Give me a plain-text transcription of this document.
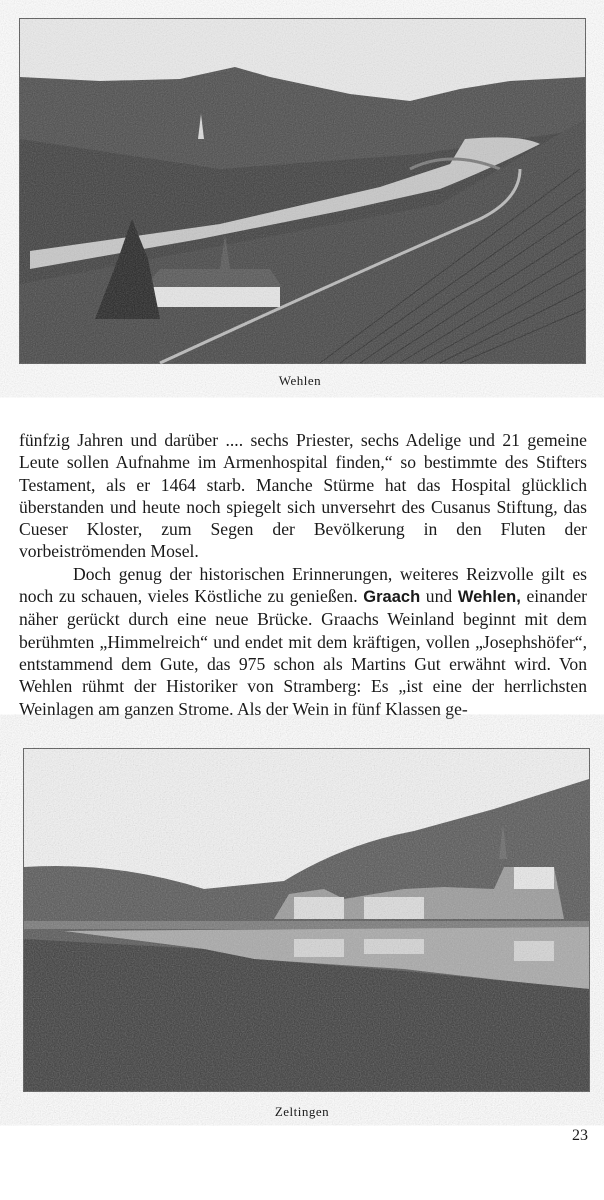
Wehlen

fünfzig Jahren und darüber .... sechs Priester, sechs Adelige und 21 gemeine Leute sollen Aufnahme im Armenhospital finden,“ so bestimmte des Stifters Testament, als er 1464 starb. Manche Stürme hat das Hospital glücklich überstanden und heute noch spiegelt sich unversehrt des Cusanus Stiftung, das Cueser Kloster, zum Segen der Bevölkerung in den Fluten der vorbeiströmenden Mosel.

Doch genug der historischen Erinnerungen, weiteres Reizvolle gilt es noch zu schauen, vieles Köstliche zu genießen. Graach und Wehlen, einander näher gerückt durch eine neue Brücke. Graachs Weinland beginnt mit dem berühmten „Himmelreich“ und endet mit dem kräftigen, vollen „Josephshöfer“, entstammend dem Gute, das 975 schon als Martins Gut erwähnt wird. Von Wehlen rühmt der Historiker von Stramberg: Es „ist eine der herrlichsten Weinlagen am ganzen Strome. Als der Wein in fünf Klassen ge-

Zeltingen
23
